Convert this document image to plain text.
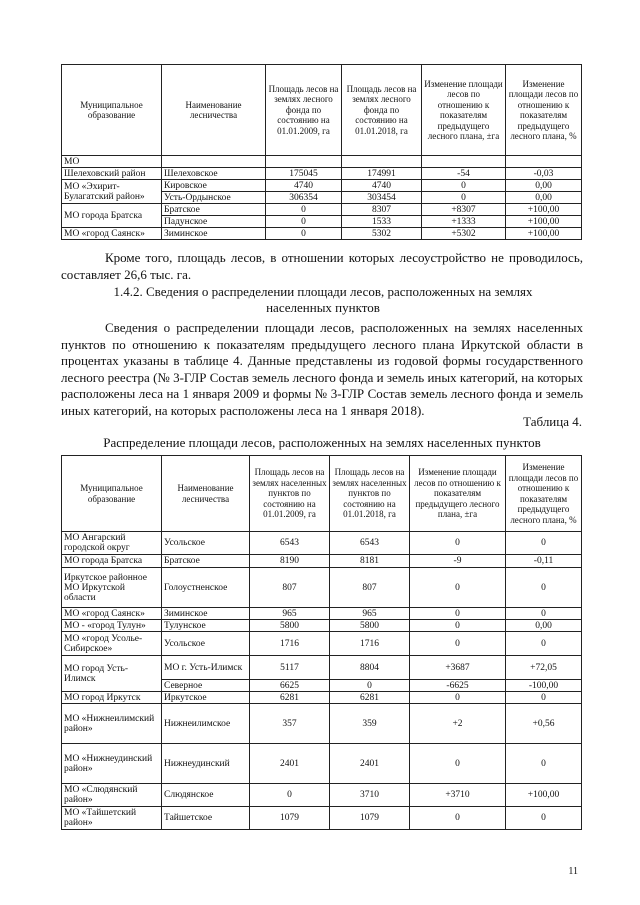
Муниципальное образование	Наименование лесничества	Площадь лесов на землях лесного фонда по состоянию на 01.01.2009, га	Площадь лесов на землях лесного фонда по состоянию на 01.01.2018, га	Изменение площади лесов по отношению к показателям предыдущего лесного плана, ±га	Изменение площади лесов по отношению к показателям предыдущего лесного плана, %
МО					
Шелеховский район	Шелеховское	175045	174991	-54	-0,03
МО «Эхирит-Булагатский район»	Кировское	4740	4740	0	0,00
	Усть-Ордынское	306354	303454	0	0,00
МО города Братска	Братское	0	8307	+8307	+100,00
	Падунское	0	1533	+1333	+100,00
МО «город Саянск»	Зиминское	0	5302	+5302	+100,00
Кроме того, площадь лесов, в отношении которых лесоустройство не проводилось, составляет 26,6 тыс. га.
1.4.2. Сведения о распределении площади лесов, расположенных на землях населенных пунктов
Сведения о распределении площади лесов, расположенных на землях населенных пунктов по отношению к показателям предыдущего лесного плана Иркутской области в процентах указаны в таблице 4. Данные представлены из годовой формы государственного лесного реестра (№ 3-ГЛР Состав земель лесного фонда и земель иных категорий, на которых расположены леса на 1 января 2009 и формы № 3-ГЛР Состав земель лесного фонда и земель иных категорий, на которых расположены леса на 1 января 2018).
Таблица 4.
Распределение площади лесов, расположенных на землях населенных пунктов
Муниципальное образование	Наименование лесничества	Площадь лесов на землях населенных пунктов по состоянию на 01.01.2009, га	Площадь лесов на землях населенных пунктов по состоянию на 01.01.2018, га	Изменение площади лесов по отношению к показателям предыдущего лесного плана, ±га	Изменение площади лесов по отношению к показателям предыдущего лесного плана, %
МО Ангарский городской округ	Усольское	6543	6543	0	0
МО города Братска	Братское	8190	8181	-9	-0,11
Иркутское районное МО Иркутской области	Голоустненское	807	807	0	0
МО «город Саянск»	Зиминское	965	965	0	0
МО - «город Тулун»	Тулунское	5800	5800	0	0,00
МО «город Усолье-Сибирское»	Усольское	1716	1716	0	0
МО город Усть-Илимск	МО г. Усть-Илимск	5117	8804	+3687	+72,05
	Северное	6625	0	-6625	-100,00
МО город Иркутск	Иркутское	6281	6281	0	0
МО «Нижнеилимский район»	Нижнеилимское	357	359	+2	+0,56
МО «Нижнеудинский район»	Нижнеудинский	2401	2401	0	0
МО «Слюдянский район»	Слюдянское	0	3710	+3710	+100,00
МО «Тайшетский район»	Тайшетское	1079	1079	0	0
11
